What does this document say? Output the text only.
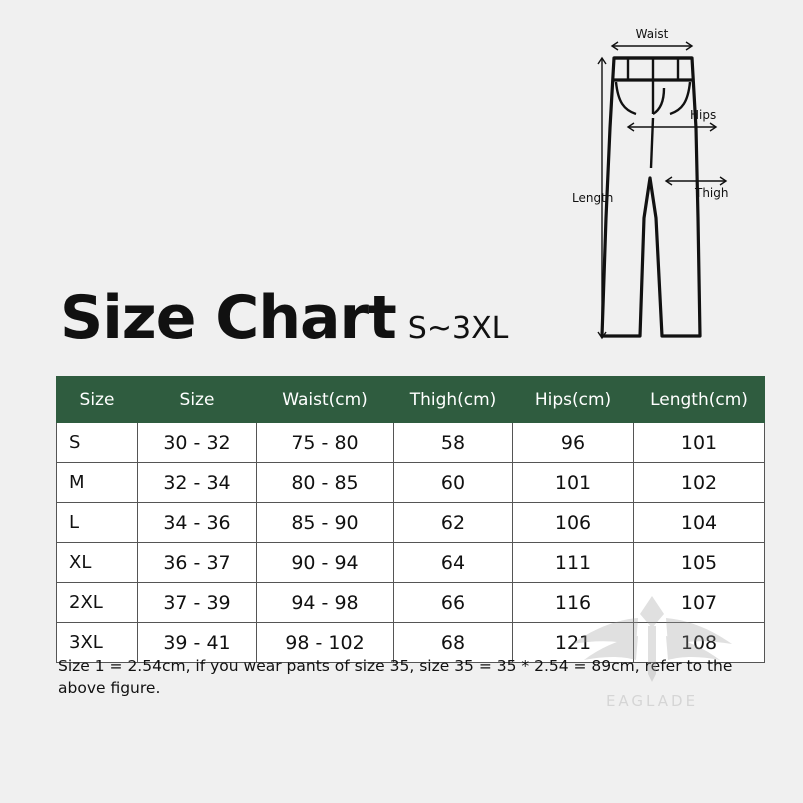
Waist
Length
Hips
Thigh
Size Chart S~3XL
Size	Size	Waist(cm)	Thigh(cm)	Hips(cm)	Length(cm)
S	30 - 32	75 - 80	58	96	101
M	32 - 34	80 - 85	60	101	102
L	34 - 36	85 - 90	62	106	104
XL	36 - 37	90 - 94	64	111	105
2XL	37 - 39	94 - 98	66	116	107
3XL	39 - 41	98 - 102	68	121	108
Size 1 = 2.54cm, if you wear pants of size 35, size 35 = 35 * 2.54 = 89cm, refer to the above figure.
EAGLADE
